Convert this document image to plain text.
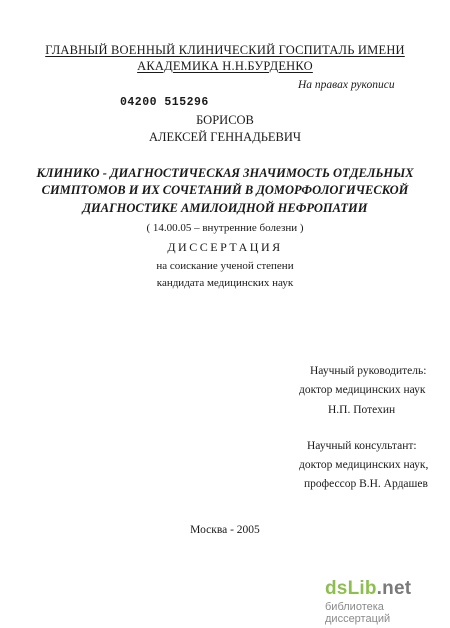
ГЛАВНЫЙ ВОЕННЫЙ КЛИНИЧЕСКИЙ ГОСПИТАЛЬ ИМЕНИ
АКАДЕМИКА Н.Н.БУРДЕНКО
На правах рукописи
04200 515296
БОРИСОВ
АЛЕКСЕЙ ГЕННАДЬЕВИЧ
КЛИНИКО - ДИАГНОСТИЧЕСКАЯ ЗНАЧИМОСТЬ ОТДЕЛЬНЫХ
СИМПТОМОВ И ИХ СОЧЕТАНИЙ В ДОМОРФОЛОГИЧЕСКОЙ
ДИАГНОСТИКЕ АМИЛОИДНОЙ НЕФРОПАТИИ
( 14.00.05 – внутренние болезни )
ДИССЕРТАЦИЯ
на соискание ученой степени
кандидата медицинских наук
Научный руководитель:
доктор медицинских наук
Н.П. Потехин
Научный консультант:
доктор медицинских наук,
профессор В.Н. Ардашев
Москва - 2005
dsLib.net
библиотека диссертаций
